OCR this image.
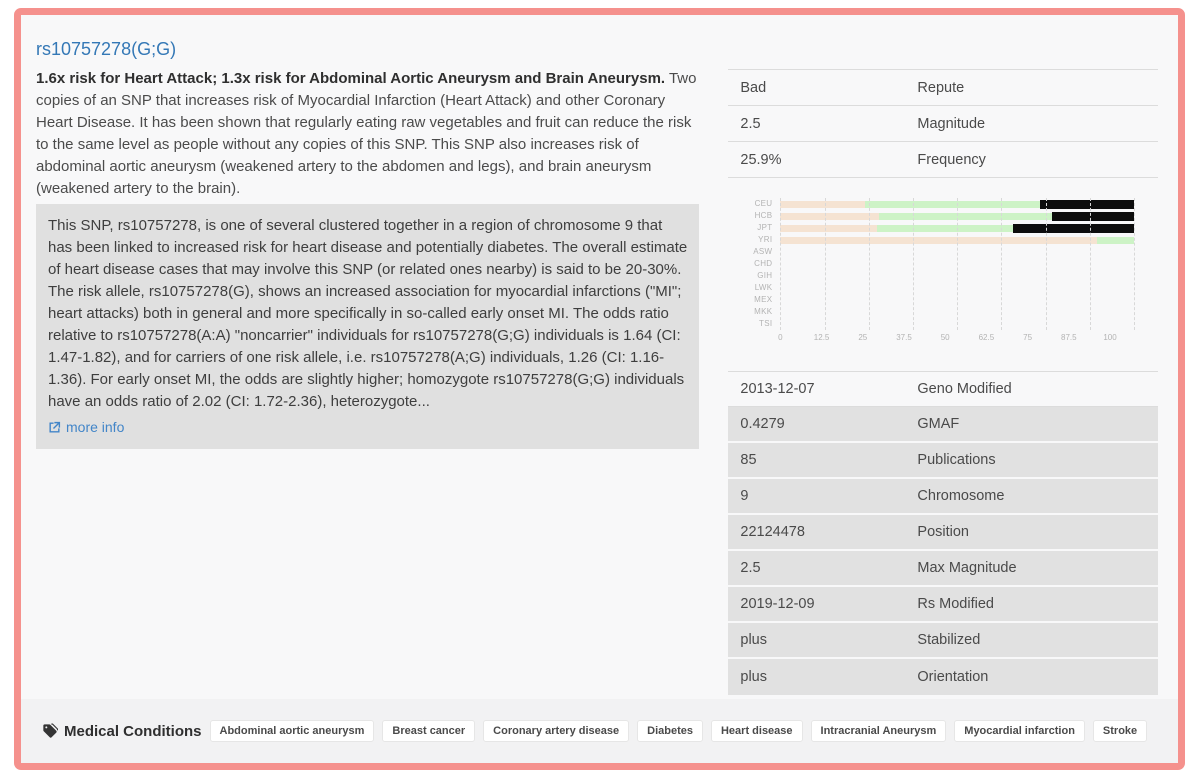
rs10757278(G;G)

1.6x risk for Heart Attack; 1.3x risk for Abdominal Aortic Aneurysm and Brain Aneurysm. Two copies of an SNP that increases risk of Myocardial Infarction (Heart Attack) and other Coronary Heart Disease. It has been shown that regularly eating raw vegetables and fruit can reduce the risk to the same level as people without any copies of this SNP. This SNP also increases risk of abdominal aortic aneurysm (weakened artery to the abdomen and legs), and brain aneurysm (weakened artery to the brain).

This SNP, rs10757278, is one of several clustered together in a region of chromosome 9 that has been linked to increased risk for heart disease and potentially diabetes. The overall estimate of heart disease cases that may involve this SNP (or related ones nearby) is said to be 20-30%. The risk allele, rs10757278(G), shows an increased association for myocardial infarctions ("MI"; heart attacks) both in general and more specifically in so-called early onset MI. The odds ratio relative to rs10757278(A:A) "noncarrier" individuals for rs10757278(G;G) individuals is 1.64 (CI: 1.47-1.82), and for carriers of one risk allele, i.e. rs10757278(A;G) individuals, 1.26 (CI: 1.16-1.36). For early onset MI, the odds are slightly higher; homozygote rs10757278(G;G) individuals have an odds ratio of 2.02 (CI: 1.72-2.36), heterozygote...
more info
Bad	Repute
2.5	Magnitude
25.9%	Frequency
CEU
HCB
JPT
YRI
ASW
CHD
GIH
LWK
MEX
MKK
TSI
0	12.5	25	37.5	50	62.5	75	87.5	100
2013-12-07	Geno Modified
0.4279	GMAF
85	Publications
9	Chromosome
22124478	Position
2.5	Max Magnitude
2019-12-09	Rs Modified
plus	Stabilized
plus	Orientation
Medical Conditions	Abdominal aortic aneurysm	Breast cancer	Coronary artery disease	Diabetes	Heart disease	Intracranial Aneurysm	Myocardial infarction	Stroke
